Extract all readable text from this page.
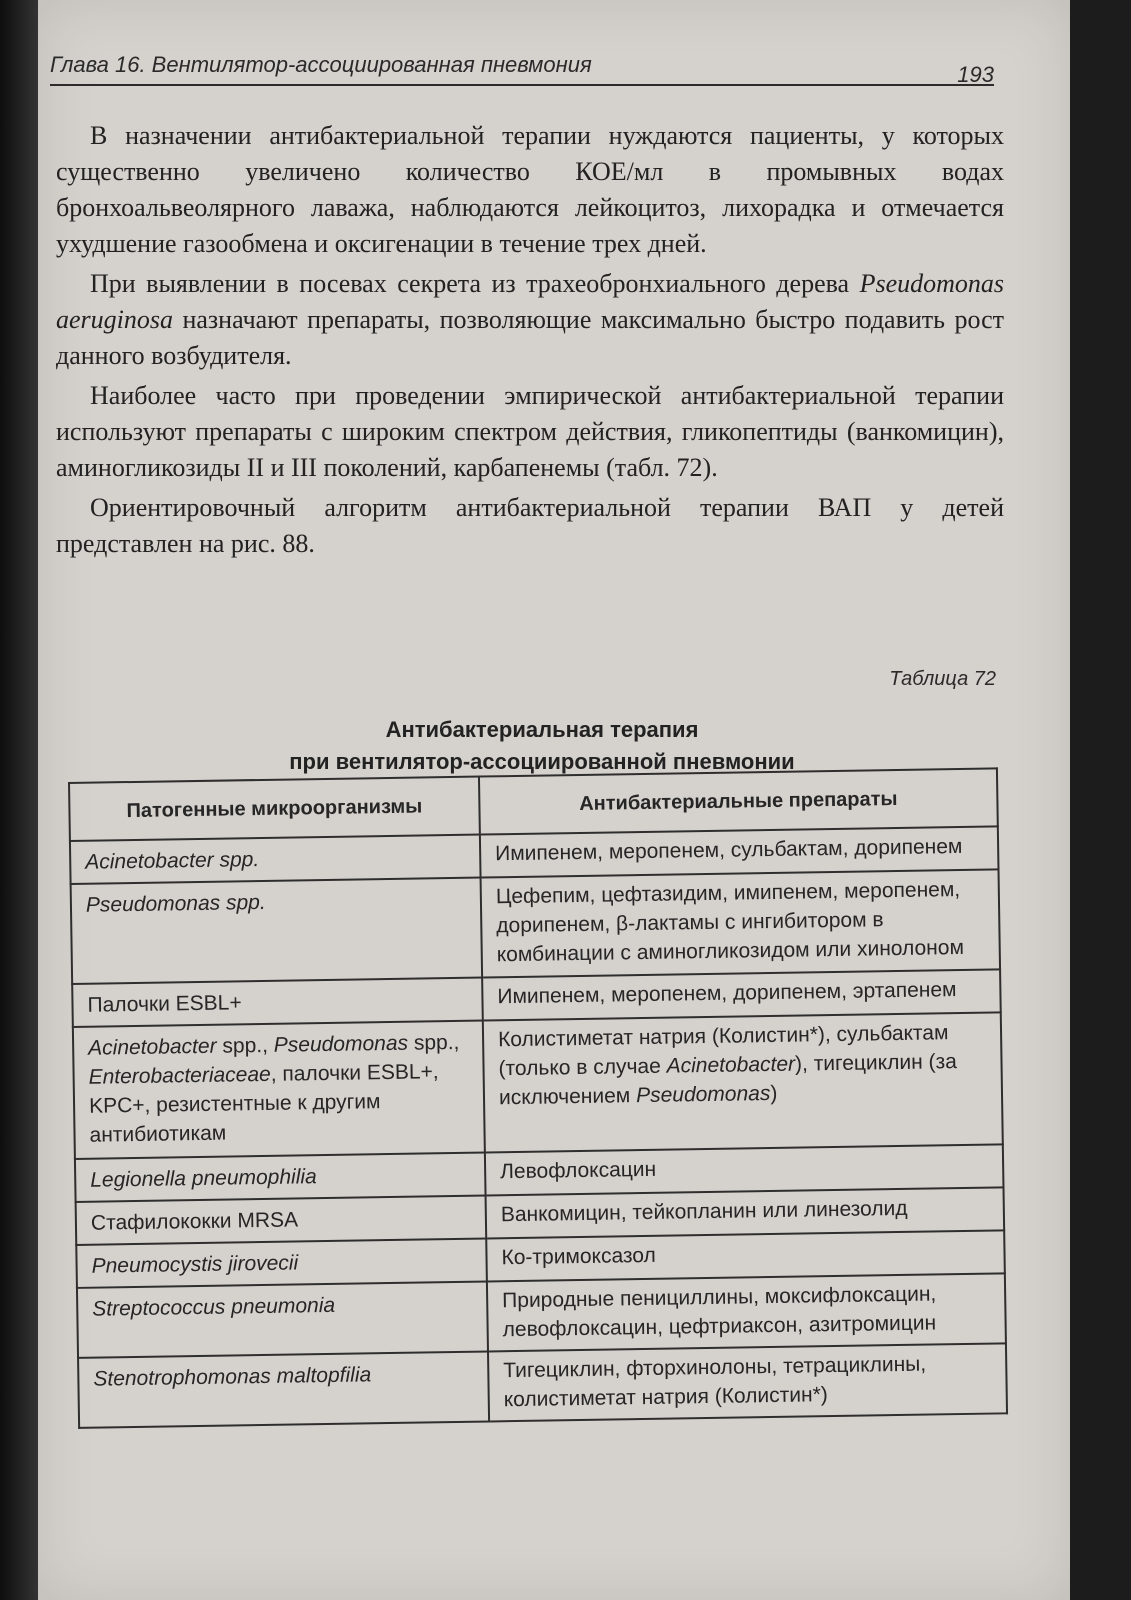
Глава 16. Вентилятор-ассоциированная пневмония	193

В назначении антибактериальной терапии нуждаются пациенты, у которых существенно увеличено количество КОЕ/мл в промывных водах бронхоальвеолярного лаважа, наблюдаются лейкоцитоз, лихорадка и отмечается ухудшение газообмена и оксигенации в течение трех дней.

При выявлении в посевах секрета из трахеобронхиального дерева Pseudomonas aeruginosa назначают препараты, позволяющие максимально быстро подавить рост данного возбудителя.

Наиболее часто при проведении эмпирической антибактериальной терапии используют препараты с широким спектром действия, гликопептиды (ванкомицин), аминогликозиды II и III поколений, карбапенемы (табл. 72).

Ориентировочный алгоритм антибактериальной терапии ВАП у детей представлен на рис. 88.

Таблица 72
Антибактериальная терапия
при вентилятор-ассоциированной пневмонии
Патогенные микроорганизмы	Антибактериальные препараты
Acinetobacter spp.	Имипенем, меропенем, сульбактам, дорипенем
Pseudomonas spp.	Цефепим, цефтазидим, имипенем, меропенем, дорипенем, β-лактамы с ингибитором в комбинации с аминогликозидом или хинолоном
Палочки ESBL+	Имипенем, меропенем, дорипенем, эртапенем
Acinetobacter spp., Pseudomonas spp., Enterobacteriaceae, палочки ESBL+, KPC+, резистентные к другим антибиотикам	Колистиметат натрия (Колистин*), сульбактам (только в случае Acinetobacter), тигециклин (за исключением Pseudomonas)
Legionella pneumophilia	Левофлоксацин
Стафилококки MRSA	Ванкомицин, тейкопланин или линезолид
Pneumocystis jirovecii	Ко-тримоксазол
Streptococcus pneumonia	Природные пенициллины, моксифлоксацин, левофлоксацин, цефтриаксон, азитромицин
Stenotrophomonas maltopfilia	Тигециклин, фторхинолоны, тетрациклины, колистиметат натрия (Колистин*)
